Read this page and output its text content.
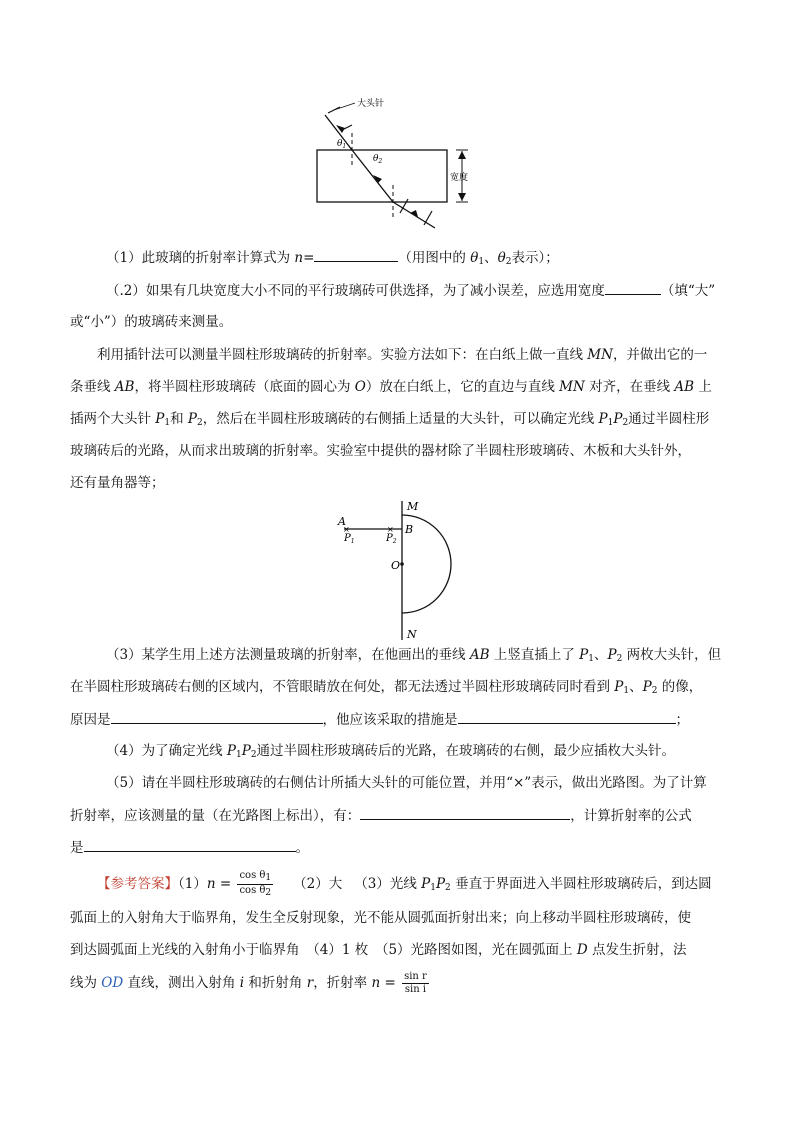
大头针
$\theta_1$
$\theta_2$
宽度
（1）此玻璃的折射率计算式为 n=	（用图中的 $\theta_1$、$\theta_2$表示）；
（.2）如果有几块宽度大小不同的平行玻璃砖可供选择，为了减小误差，应选用宽度	（填“大”
或“小”）的玻璃砖来测量。
利用插针法可以测量半圆柱形玻璃砖的折射率。实验方法如下：在白纸上做一直线 MN，并做出它的一
条垂线 AB，将半圆柱形玻璃砖（底面的圆心为 O）放在白纸上，它的直边与直线 MN 对齐，在垂线 AB 上
插两个大头针 $P_1$和 $P_2$，然后在半圆柱形玻璃砖的右侧插上适量的大头针，可以确定光线 $P_1P_2$通过半圆柱形
玻璃砖后的光路，从而求出玻璃的折射率。实验室中提供的器材除了半圆柱形玻璃砖、木板和大头针外，
还有量角器等；
×	×
A
B
M
N
O
$P_1$	$P_2$
（3）某学生用上述方法测量玻璃的折射率，在他画出的垂线 AB 上竖直插上了 $P_1$、$P_2$ 两枚大头针，但
在半圆柱形玻璃砖右侧的区域内，不管眼睛放在何处，都无法透过半圆柱形玻璃砖同时看到 $P_1$、$P_2$ 的像，
原因是	，他应该采取的措施是	；
（4）为了确定光线 $P_1P_2$通过半圆柱形玻璃砖后的光路，在玻璃砖的右侧，最少应插枚大头针。
（5）请在半圆柱形玻璃砖的右侧估计所插大头针的可能位置，并用“×”表示，做出光路图。为了计算
折射率，应该测量的量（在光路图上标出），有：	，计算折射率的公式
是	。
【参考答案】$(1)n = \frac{\cos \theta_1}{\cos \theta_2} (2)$大 （3）光线 $P_1P_2$ 垂直于界面进入半圆柱形玻璃砖后，到达圆
弧面上的入射角大于临界角，发生全反射现象，光不能从圆弧面折射出来；向上移动半圆柱形玻璃砖，使
到达圆弧面上光线的入射角小于临界角　（4）1 枚　（5）光路图如图，光在圆弧面上 D 点发生折射，法
线为 OD 直线，测出入射角 i 和折射角 r，折射率 $n = \frac{\text{sin r}}{\text{sin i}}$
